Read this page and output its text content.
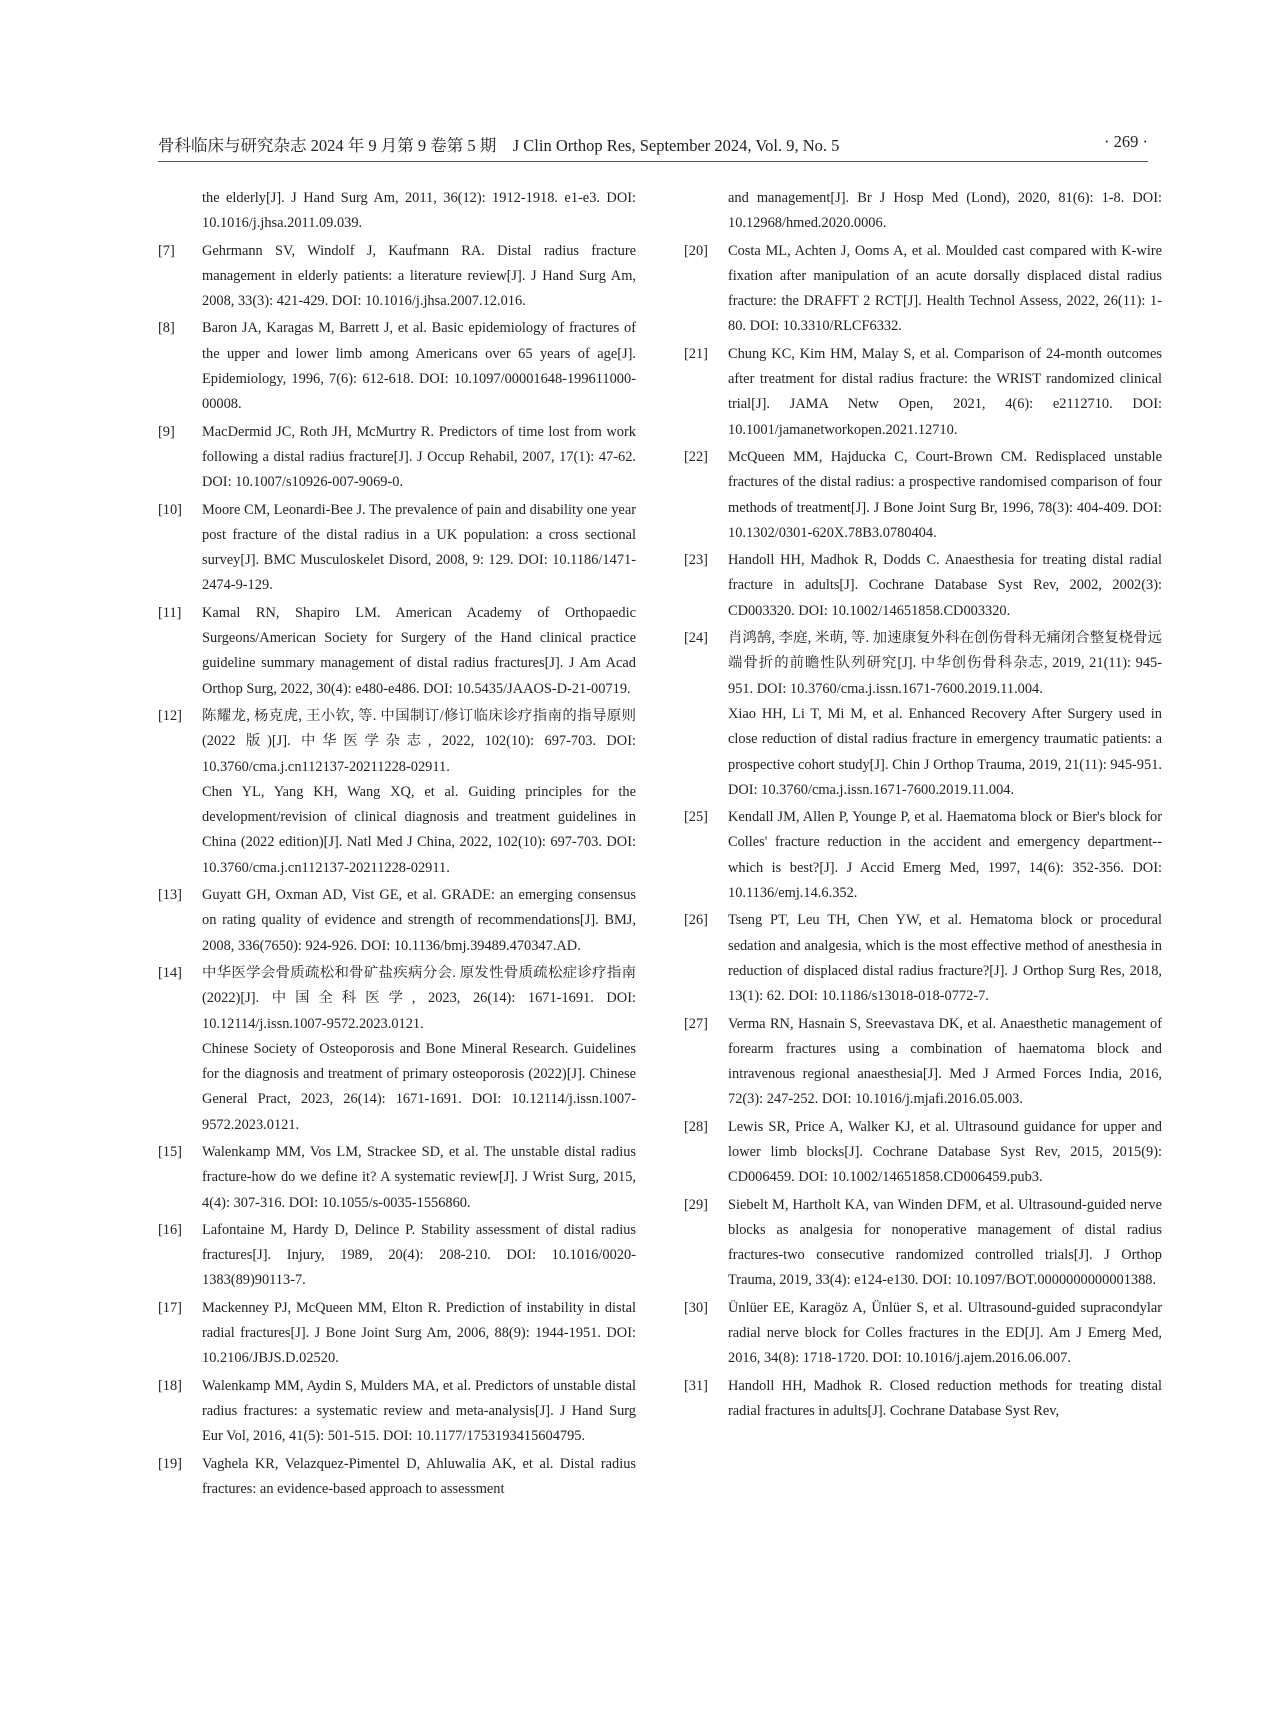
骨科临床与研究杂志 2024 年 9 月第 9 卷第 5 期　J Clin Orthop Res, September 2024, Vol. 9, No. 5	· 269 ·
the elderly[J]. J Hand Surg Am, 2011, 36(12): 1912-1918. e1-e3. DOI: 10.1016/j.jhsa.2011.09.039.
[7]	Gehrmann SV, Windolf J, Kaufmann RA. Distal radius fracture management in elderly patients: a literature review[J]. J Hand Surg Am, 2008, 33(3): 421-429. DOI: 10.1016/j.jhsa.2007.12.016.
[8]	Baron JA, Karagas M, Barrett J, et al. Basic epidemiology of fractures of the upper and lower limb among Americans over 65 years of age[J]. Epidemiology, 1996, 7(6): 612-618. DOI: 10.1097/00001648-199611000-00008.
[9]	MacDermid JC, Roth JH, McMurtry R. Predictors of time lost from work following a distal radius fracture[J]. J Occup Rehabil, 2007, 17(1): 47-62. DOI: 10.1007/s10926-007-9069-0.
[10]	Moore CM, Leonardi-Bee J. The prevalence of pain and disability one year post fracture of the distal radius in a UK population: a cross sectional survey[J]. BMC Musculoskelet Disord, 2008, 9: 129. DOI: 10.1186/1471-2474-9-129.
[11]	Kamal RN, Shapiro LM. American Academy of Orthopaedic Surgeons/American Society for Surgery of the Hand clinical practice guideline summary management of distal radius fractures[J]. J Am Acad Orthop Surg, 2022, 30(4): e480-e486. DOI: 10.5435/JAAOS-D-21-00719.
[12]	陈耀龙, 杨克虎, 王小钦, 等. 中国制订/修订临床诊疗指南的指导原则(2022 版)[J]. 中华医学杂志, 2022, 102(10): 697-703. DOI: 10.3760/cma.j.cn112137-20211228-02911.
Chen YL, Yang KH, Wang XQ, et al. Guiding principles for the development/revision of clinical diagnosis and treatment guidelines in China (2022 edition)[J]. Natl Med J China, 2022, 102(10): 697-703. DOI: 10.3760/cma.j.cn112137-20211228-02911.
[13]	Guyatt GH, Oxman AD, Vist GE, et al. GRADE: an emerging consensus on rating quality of evidence and strength of recommendations[J]. BMJ, 2008, 336(7650): 924-926. DOI: 10.1136/bmj.39489.470347.AD.
[14]	中华医学会骨质疏松和骨矿盐疾病分会. 原发性骨质疏松症诊疗指南(2022)[J]. 中国全科医学, 2023, 26(14): 1671-1691. DOI: 10.12114/j.issn.1007-9572.2023.0121.
Chinese Society of Osteoporosis and Bone Mineral Research. Guidelines for the diagnosis and treatment of primary osteoporosis (2022)[J]. Chinese General Pract, 2023, 26(14): 1671-1691. DOI: 10.12114/j.issn.1007-9572.2023.0121.
[15]	Walenkamp MM, Vos LM, Strackee SD, et al. The unstable distal radius fracture-how do we define it? A systematic review[J]. J Wrist Surg, 2015, 4(4): 307-316. DOI: 10.1055/s-0035-1556860.
[16]	Lafontaine M, Hardy D, Delince P. Stability assessment of distal radius fractures[J]. Injury, 1989, 20(4): 208-210. DOI: 10.1016/0020-1383(89)90113-7.
[17]	Mackenney PJ, McQueen MM, Elton R. Prediction of instability in distal radial fractures[J]. J Bone Joint Surg Am, 2006, 88(9): 1944-1951. DOI: 10.2106/JBJS.D.02520.
[18]	Walenkamp MM, Aydin S, Mulders MA, et al. Predictors of unstable distal radius fractures: a systematic review and meta-analysis[J]. J Hand Surg Eur Vol, 2016, 41(5): 501-515. DOI: 10.1177/1753193415604795.
[19]	Vaghela KR, Velazquez-Pimentel D, Ahluwalia AK, et al. Distal radius fractures: an evidence-based approach to assessment
and management[J]. Br J Hosp Med (Lond), 2020, 81(6): 1-8. DOI: 10.12968/hmed.2020.0006.
[20]	Costa ML, Achten J, Ooms A, et al. Moulded cast compared with K-wire fixation after manipulation of an acute dorsally displaced distal radius fracture: the DRAFFT 2 RCT[J]. Health Technol Assess, 2022, 26(11): 1-80. DOI: 10.3310/RLCF6332.
[21]	Chung KC, Kim HM, Malay S, et al. Comparison of 24-month outcomes after treatment for distal radius fracture: the WRIST randomized clinical trial[J]. JAMA Netw Open, 2021, 4(6): e2112710. DOI: 10.1001/jamanetworkopen.2021.12710.
[22]	McQueen MM, Hajducka C, Court-Brown CM. Redisplaced unstable fractures of the distal radius: a prospective randomised comparison of four methods of treatment[J]. J Bone Joint Surg Br, 1996, 78(3): 404-409. DOI: 10.1302/0301-620X.78B3.0780404.
[23]	Handoll HH, Madhok R, Dodds C. Anaesthesia for treating distal radial fracture in adults[J]. Cochrane Database Syst Rev, 2002, 2002(3): CD003320. DOI: 10.1002/14651858.CD003320.
[24]	肖鸿鹄, 李庭, 米萌, 等. 加速康复外科在创伤骨科无痛闭合整复桡骨远端骨折的前瞻性队列研究[J]. 中华创伤骨科杂志, 2019, 21(11): 945-951. DOI: 10.3760/cma.j.issn.1671-7600.2019.11.004.
Xiao HH, Li T, Mi M, et al. Enhanced Recovery After Surgery used in close reduction of distal radius fracture in emergency traumatic patients: a prospective cohort study[J]. Chin J Orthop Trauma, 2019, 21(11): 945-951. DOI: 10.3760/cma.j.issn.1671-7600.2019.11.004.
[25]	Kendall JM, Allen P, Younge P, et al. Haematoma block or Bier's block for Colles' fracture reduction in the accident and emergency department--which is best?[J]. J Accid Emerg Med, 1997, 14(6): 352-356. DOI: 10.1136/emj.14.6.352.
[26]	Tseng PT, Leu TH, Chen YW, et al. Hematoma block or procedural sedation and analgesia, which is the most effective method of anesthesia in reduction of displaced distal radius fracture?[J]. J Orthop Surg Res, 2018, 13(1): 62. DOI: 10.1186/s13018-018-0772-7.
[27]	Verma RN, Hasnain S, Sreevastava DK, et al. Anaesthetic management of forearm fractures using a combination of haematoma block and intravenous regional anaesthesia[J]. Med J Armed Forces India, 2016, 72(3): 247-252. DOI: 10.1016/j.mjafi.2016.05.003.
[28]	Lewis SR, Price A, Walker KJ, et al. Ultrasound guidance for upper and lower limb blocks[J]. Cochrane Database Syst Rev, 2015, 2015(9): CD006459. DOI: 10.1002/14651858.CD006459.pub3.
[29]	Siebelt M, Hartholt KA, van Winden DFM, et al. Ultrasound-guided nerve blocks as analgesia for nonoperative management of distal radius fractures-two consecutive randomized controlled trials[J]. J Orthop Trauma, 2019, 33(4): e124-e130. DOI: 10.1097/BOT.0000000000001388.
[30]	Ünlüer EE, Karagöz A, Ünlüer S, et al. Ultrasound-guided supracondylar radial nerve block for Colles fractures in the ED[J]. Am J Emerg Med, 2016, 34(8): 1718-1720. DOI: 10.1016/j.ajem.2016.06.007.
[31]	Handoll HH, Madhok R. Closed reduction methods for treating distal radial fractures in adults[J]. Cochrane Database Syst Rev,
